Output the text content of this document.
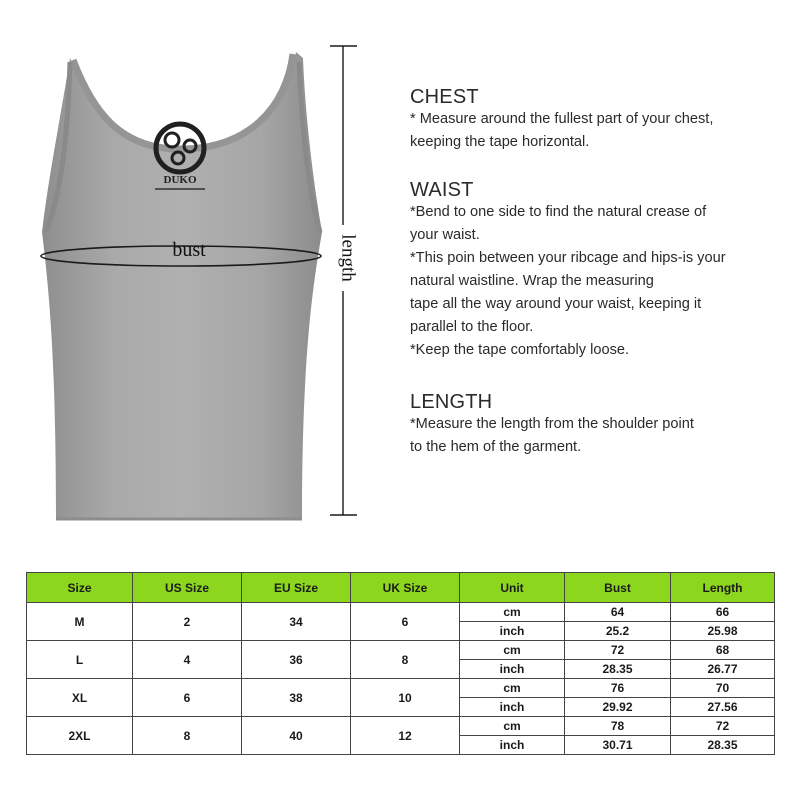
DUKO
bust	length
CHEST
* Measure around the fullest part of your chest,
keeping the tape horizontal.
WAIST
*Bend to one side to find the natural crease of
your waist.
*This poin between your ribcage and hips-is your
natural waistline. Wrap the measuring
tape all the way around your waist, keeping it
parallel to the floor.
*Keep the tape comfortably loose.
LENGTH
*Measure the length from the shoulder point
to the hem of the garment.
Size	US Size	EU Size	UK Size	Unit	Bust	Length
M	2	34	6	cm	64	66
				inch	25.2	25.98
L	4	36	8	cm	72	68
				inch	28.35	26.77
XL	6	38	10	cm	76	70
				inch	29.92	27.56
2XL	8	40	12	cm	78	72
				inch	30.71	28.35
